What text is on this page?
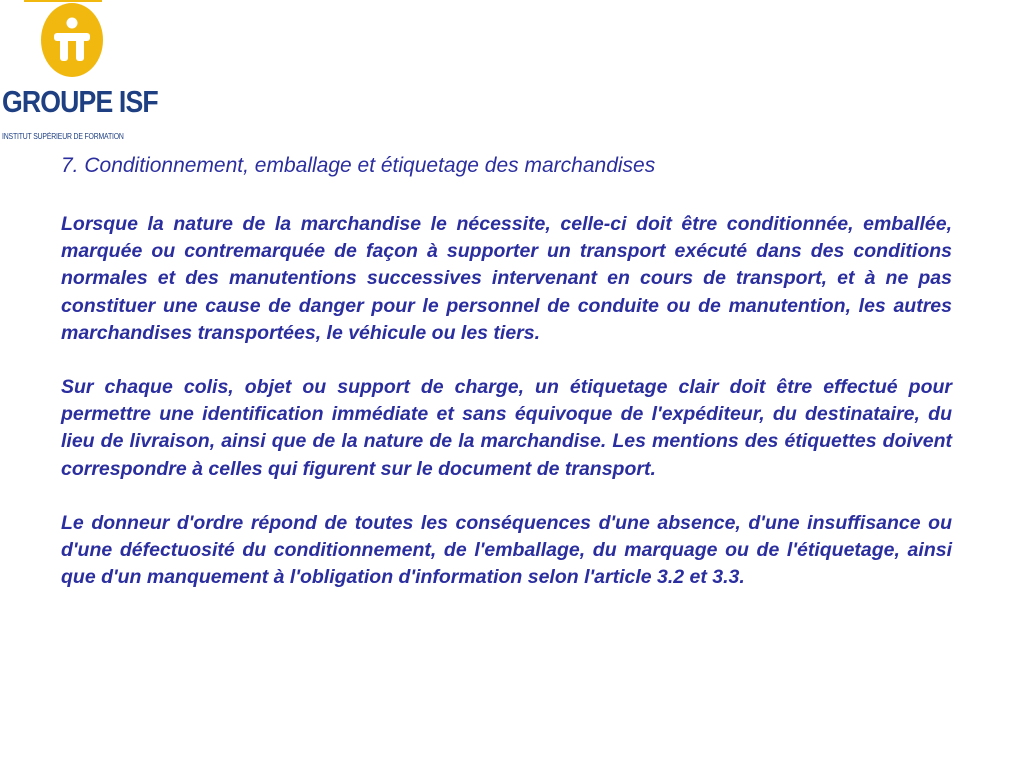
GROUPE ISF
INSTITUT SUPÉRIEUR DE FORMATION
7. Conditionnement, emballage et étiquetage des marchandises

Lorsque la nature de la marchandise le nécessite, celle-ci doit être conditionnée, emballée, marquée ou contremarquée de façon à supporter un transport exécuté dans des conditions normales et des manutentions successives intervenant en cours de transport, et à ne pas constituer une cause de danger pour le personnel de conduite ou de manutention, les autres marchandises transportées, le véhicule ou les tiers.

Sur chaque colis, objet ou support de charge, un étiquetage clair doit être effectué pour permettre une identification immédiate et sans équivoque de l'expéditeur, du destinataire, du lieu de livraison, ainsi que de la nature de la marchandise. Les mentions des étiquettes doivent correspondre à celles qui figurent sur le document de transport.

Le donneur d'ordre répond de toutes les conséquences d'une absence, d'une insuffisance ou d'une défectuosité du conditionnement, de l'emballage, du marquage ou de l'étiquetage, ainsi que d'un manquement à l'obligation d'information selon l'article 3.2 et 3.3.
